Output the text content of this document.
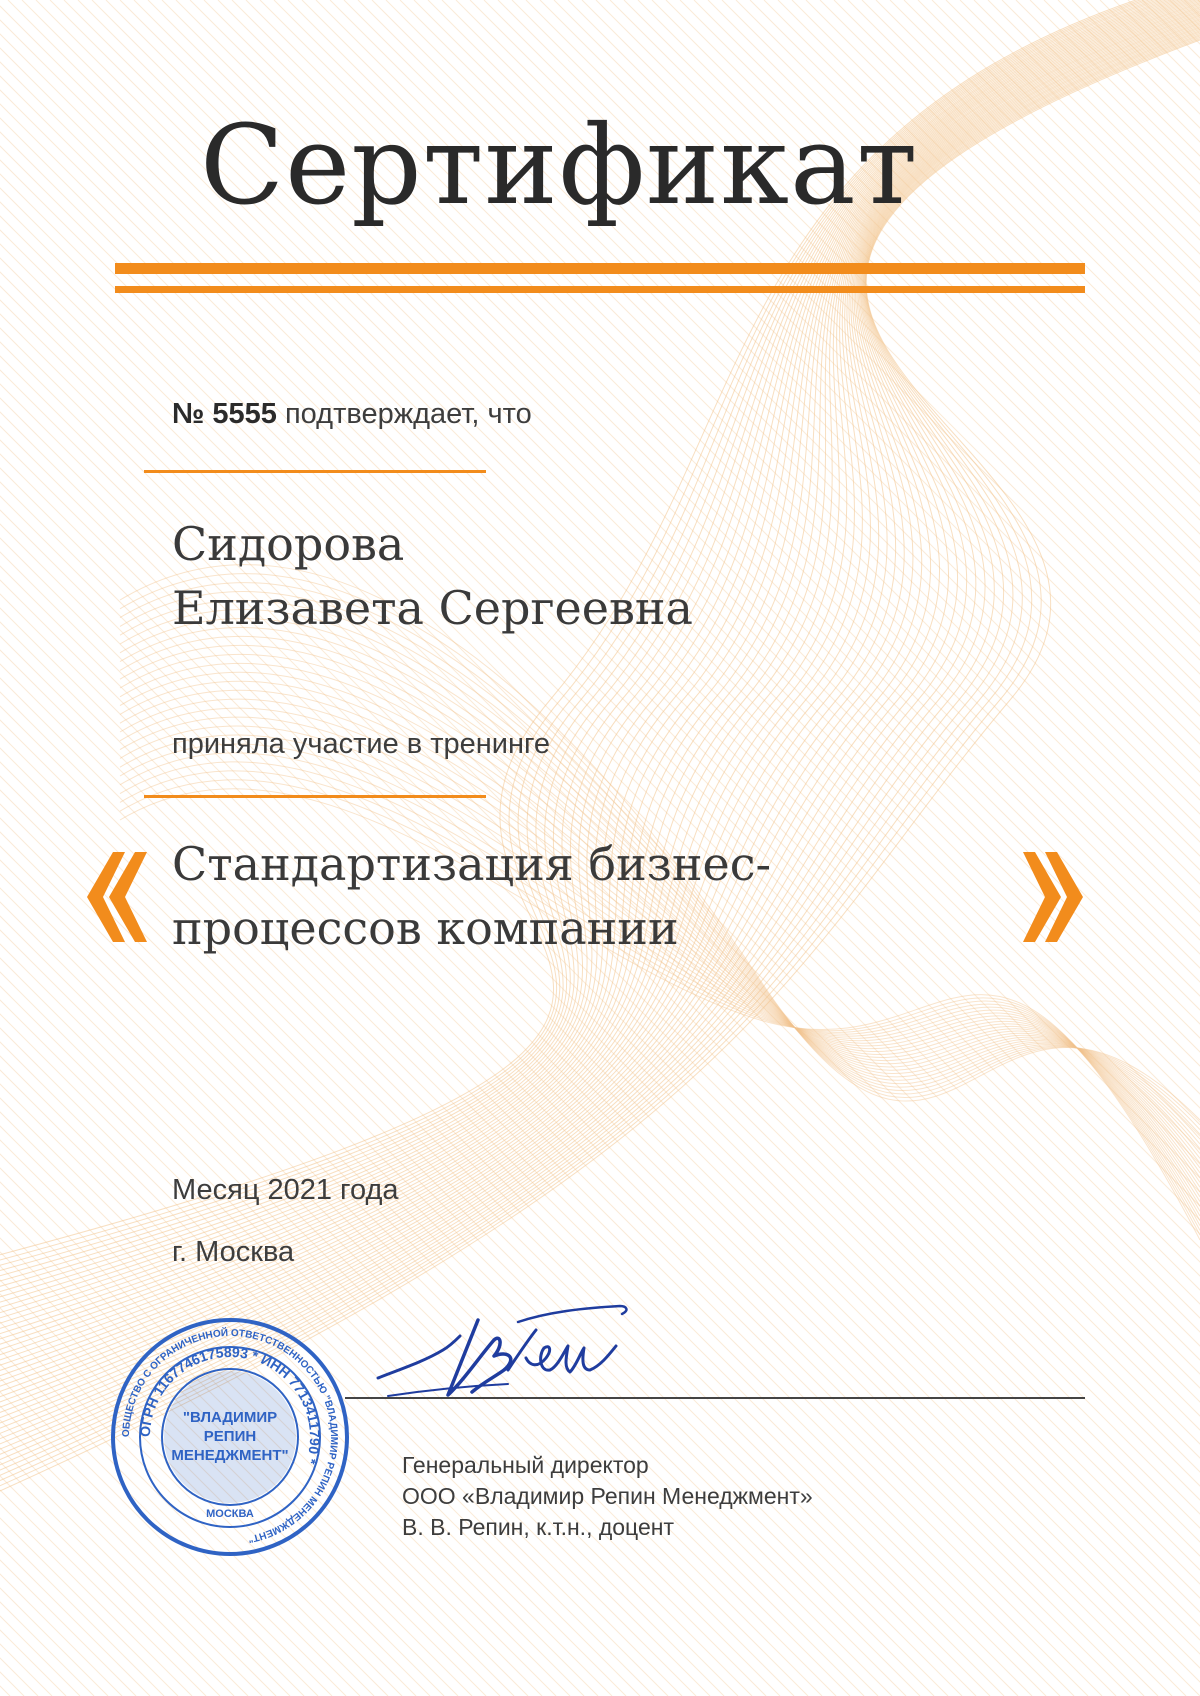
Сертификат
№ 5555 подтверждает, что
Сидорова
Елизавета Сергеевна
приняла участие в тренинге
Стандартизация бизнес-
процессов компании
Месяц 2021 года
г. Москва
ОБЩЕСТВО С ОГРАНИЧЕННОЙ ОТВЕТСТВЕННОСТЬЮ "ВЛАДИМИР РЕПИН МЕНЕДЖМЕНТ"
ОГРН 1167746175893 * ИНН 7713411790 *
"ВЛАДИМИР
РЕПИН
МЕНЕДЖМЕНТ"
МОСКВА
Генеральный директор
ООО «Владимир Репин Менеджмент»
В. В. Репин, к.т.н., доцент
